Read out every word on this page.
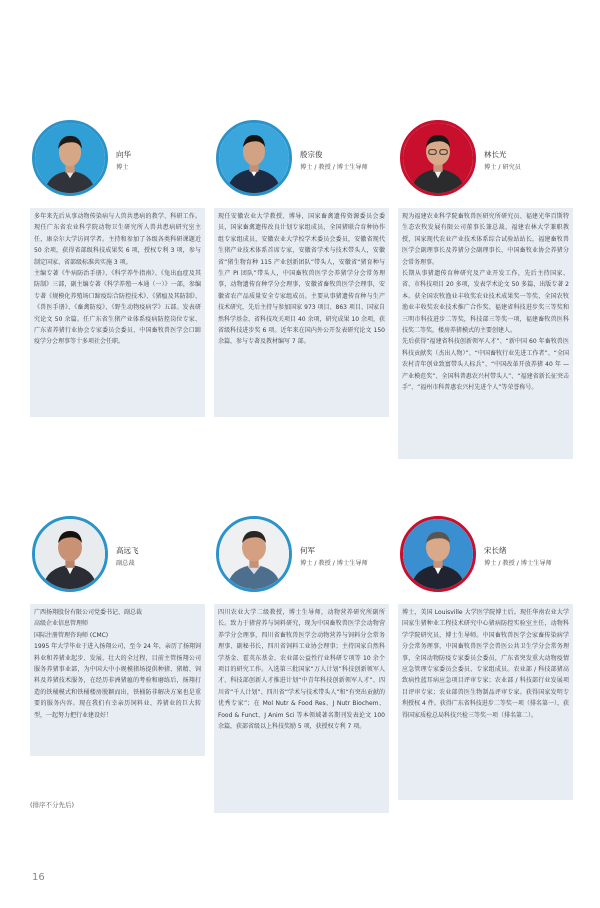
向华
博士

多年来先后从事动物传染病与人兽共患病的教学、科研工作。现任广东省农业科学院动物卫生研究所人兽共患病研究室主任，康奈尔大学访问学者。主持和参加了各级各类科研课题近 50 余项，获得省部级科技成果奖 6 项，授权专利 3 项，参与制定国家、省部级标准共实施 3 项。
主编专著《牛病防治手册》、《科学养牛指南》、《兔出血症及其防制》三部，副主编专著《科学养殖一本通（一）》一部，参编专著《规模化养殖场口蹄疫综合防控技术》、《猪瘟及其防制》、《兽医手册》、《畜禽防疫》、《野生动物疫病学》五部。发表研究论文 50 余篇。任广东省生猪产业体系疫病防控岗位专家、广东省养猪行业协会专家委员会委员、中国畜牧兽医学会口蹄疫学分会理事等十多项社会任职。

殷宗俊
博士 / 教授 / 博士生导师

现任安徽农业大学教授、博导，国家畜禽遗传资源委员会委员，国家畜禽遗传改良计划专家组成员，全国猪联合育种协作组专家组成员，安徽农业大学校学术委员会委员，安徽省现代生猪产业技术体系首席专家，安徽省学术与技术带头人，安徽省“猪生物育种 115 产业创新团队”带头人，安徽省“猪育种与生产 PI 团队”带头人，中国畜牧兽医学会养猪学分会常务理事，动物遗传育种学分会理事，安徽省畜牧兽医学会理事，安徽省农产品质量安全专家组成员。主要从事猪遗传育种与生产技术研究，先后主持与参加国家 973 项目、863 项目、国家自然科学基金、省科技攻关项目 40 余项，研究成果 10 余项，获省级科技进步奖 6 项。近年来在国内外公开发表研究论文 150 余篇，参与专著及教材编写 7 部。

林长光
博士 / 研究员

现为福建农业科学院畜牧兽医研究所研究员、福建光华百斯特生态农牧发展有限公司董事长兼总裁、福建农林大学兼职教授，国家现代农业产业技术体系综合试验站站长，福建畜牧兽医学会副理事长及养猪分会副理事长，中国畜牧业协会养猪分会常务理事。
长期从事猪遗传育种研究及产业开发工作，先后主持国家、省、市科技项目 20 多项，发表学术论文 50 多篇，出版专著 2 本。获全国农牧渔业丰收奖农业技术成果奖一等奖、全国农牧渔业丰收奖农业技术推广合作奖、福建省科技进步奖三等奖和三明市科技进步二等奖，科技部三等奖一项，福建畜牧兽医科技奖二等奖，楼房养猪模式的主要创建人。
先后获得“福建省科技创新领军人才”、“新中国 60 年畜牧兽医科技贡献奖（杰出人物）”、“中国畜牧行业先进工作者”、“全国农村青年创业致富带头人标兵”、“中国改革开放养猪 40 年 — 产业模范奖”、全国科普惠农兴村带头人”、“福建省新长征突击手”、“福州市科普惠农兴村先进个人”等荣誉称号。

高远飞
副总裁

广西扬翔股份有限公司党委书记、副总裁
高级企业信息管理师
国际注册管理咨询师 (CMC)
1995 年大学毕业于进入扬翔公司，至今 24 年，亲历了扬翔饲料业和养猪业起步、发展、壮大的全过程，目前主管扬翔公司服务养猪事业部，为中国大中小规模猪场提供种猪、猪精、饲料及养猪技术服务，在经历非洲猪瘟的考验和磨练后，扬翔打造的铁桶模式和铁桶楼房脱颖而出，铁桶防非解决方案也是重要的服务内容。现在我们有幸亲历饲料业、养猪业的巨大转型，一起努力把行业建设好！

何军
博士 / 教授 / 博士生导师

四川农业大学二级教授，博士生导师，动物营养研究所副所长。致力于猪营养与饲料研究，现为中国畜牧兽医学会动物营养学分会理事，四川省畜牧兽医学会动物营养与饲料分会常务理事、副秘书长，四川省饲料工业协会理事；主持国家自然科学基金、霍英东基金、农业部公益性行业科研专项等 10 余个项目的研究工作。入选第三批国家“万人计划”科技创新领军人才、科技部创新人才推进计划“中青年科技创新领军人才”、四川省“千人计划”、四川省“学术与技术带头人”和“有突出贡献的优秀专家”；在 Mol Nutr & Food Res、J Nutr Biochem、Food & Funct、J Anim Sci 等本领域著名期刊发表论文 100 余篇，获部省级以上科技奖励 5 项，获授权专利 7 项。

宋长绪
博士 / 教授 / 博士生导师

博士，美国 Louisville 大学医学院博士后。现任华南农业大学国家生猪种业工程技术研究中心猪病防控实验室主任，动物科学学院研究员，博士生导师。中国畜牧兽医学会家畜传染病学分会常务理事，中国畜牧兽医学会兽医公共卫生学分会常务理事，全国动物防疫专家委员会委员，广东省突发重大动物疫情应急管理专家委员会委员、专家组成员。农业部 / 科技部猪高致病性蓝耳病应急项目评审专家；农业部 / 科技部行业发展项目评审专家；农业部兽医生物制品评审专家。获得国家发明专利授权 4 件。获得广东省科技进步二等奖一项（排名第一），获得国家质检总局科技兴检三等奖一项（排名第二）。

(排序不分先后)
16
